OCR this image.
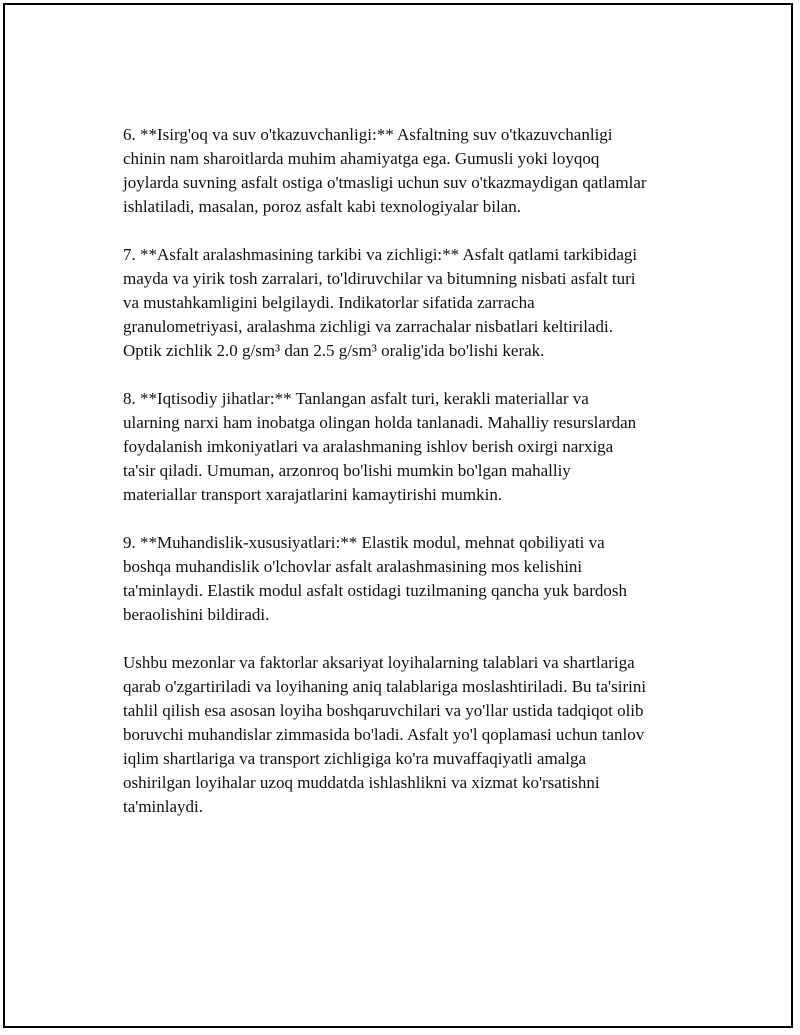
6. **Isirg'oq va suv o'tkazuvchanligi:** Asfaltning suv o'tkazuvchanligi
chinin nam sharoitlarda muhim ahamiyatga ega. Gumusli yoki loyqoq
joylarda suvning asfalt ostiga o'tmasligi uchun suv o'tkazmaydigan qatlamlar
ishlatiladi, masalan, poroz asfalt kabi texnologiyalar bilan.

7. **Asfalt aralashmasining tarkibi va zichligi:** Asfalt qatlami tarkibidagi
mayda va yirik tosh zarralari, to'ldiruvchilar va bitumning nisbati asfalt turi
va mustahkamligini belgilaydi. Indikatorlar sifatida zarracha
granulometriyasi, aralashma zichligi va zarrachalar nisbatlari keltiriladi.
Optik zichlik 2.0 g/sm³ dan 2.5 g/sm³ oralig'ida bo'lishi kerak.

8. **Iqtisodiy jihatlar:** Tanlangan asfalt turi, kerakli materiallar va
ularning narxi ham inobatga olingan holda tanlanadi. Mahalliy resurslardan
foydalanish imkoniyatlari va aralashmaning ishlov berish oxirgi narxiga
ta'sir qiladi. Umuman, arzonroq bo'lishi mumkin bo'lgan mahalliy
materiallar transport xarajatlarini kamaytirishi mumkin.

9. **Muhandislik-xususiyatlari:** Elastik modul, mehnat qobiliyati va
boshqa muhandislik o'lchovlar asfalt aralashmasining mos kelishini
ta'minlaydi. Elastik modul asfalt ostidagi tuzilmaning qancha yuk bardosh
beraolishini bildiradi.

Ushbu mezonlar va faktorlar aksariyat loyihalarning talablari va shartlariga
qarab o'zgartiriladi va loyihaning aniq talablariga moslashtiriladi. Bu ta'sirini
tahlil qilish esa asosan loyiha boshqaruvchilari va yo'llar ustida tadqiqot olib
boruvchi muhandislar zimmasida bo'ladi. Asfalt yo'l qoplamasi uchun tanlov
iqlim shartlariga va transport zichligiga ko'ra muvaffaqiyatli amalga
oshirilgan loyihalar uzoq muddatda ishlashlikni va xizmat ko'rsatishni
ta'minlaydi.
